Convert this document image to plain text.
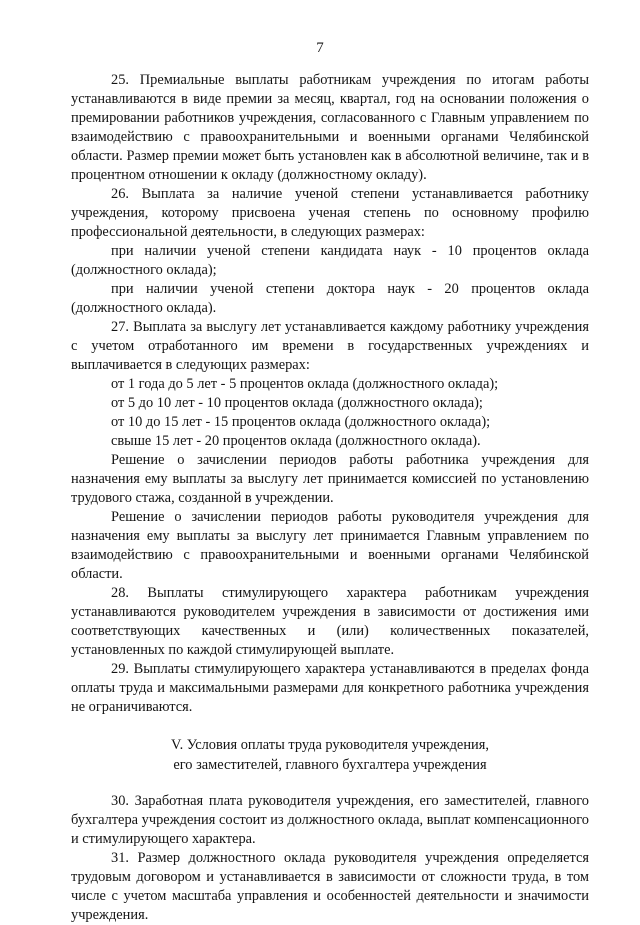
7

25. Премиальные выплаты работникам учреждения по итогам работы устанавливаются в виде премии за месяц, квартал, год на основании положения о премировании работников учреждения, согласованного с Главным управлением по взаимодействию с правоохранительными и военными органами Челябинской области. Размер премии может быть установлен как в абсолютной величине, так и в процентном отношении к окладу (должностному окладу).

26. Выплата за наличие ученой степени устанавливается работнику учреждения, которому присвоена ученая степень по основному профилю профессиональной деятельности, в следующих размерах:

при наличии ученой степени кандидата наук - 10 процентов оклада (должностного оклада);

при наличии ученой степени доктора наук - 20 процентов оклада (должностного оклада).

27. Выплата за выслугу лет устанавливается каждому работнику учреждения с учетом отработанного им времени в государственных учреждениях и выплачивается в следующих размерах:

от 1 года до 5 лет - 5 процентов оклада (должностного оклада);

от 5 до 10 лет - 10 процентов оклада (должностного оклада);

от 10 до 15 лет - 15 процентов оклада (должностного оклада);

свыше 15 лет - 20 процентов оклада (должностного оклада).

Решение о зачислении периодов работы работника учреждения для назначения ему выплаты за выслугу лет принимается комиссией по установлению трудового стажа, созданной в учреждении.

Решение о зачислении периодов работы руководителя учреждения для назначения ему выплаты за выслугу лет принимается Главным управлением по взаимодействию с правоохранительными и военными органами Челябинской области.

28. Выплаты стимулирующего характера работникам учреждения устанавливаются руководителем учреждения в зависимости от достижения ими соответствующих качественных и (или) количественных показателей, установленных по каждой стимулирующей выплате.

29. Выплаты стимулирующего характера устанавливаются в пределах фонда оплаты труда и максимальными размерами для конкретного работника учреждения не ограничиваются.

V. Условия оплаты труда руководителя учреждения,
его заместителей, главного бухгалтера учреждения

30. Заработная плата руководителя учреждения, его заместителей, главного бухгалтера учреждения состоит из должностного оклада, выплат компенсационного и стимулирующего характера.

31. Размер должностного оклада руководителя учреждения определяется трудовым договором и устанавливается в зависимости от сложности труда, в том числе с учетом масштаба управления и особенностей деятельности и значимости учреждения.
